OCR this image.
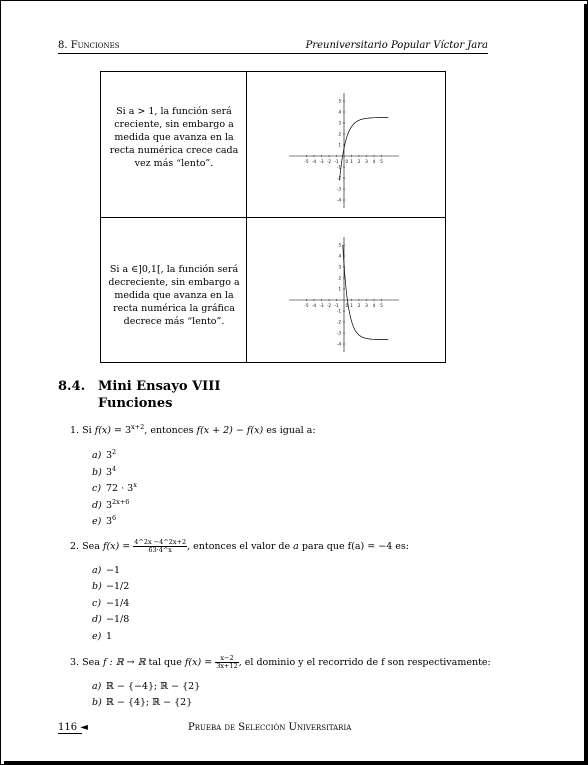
8. Funciones	Preuniversitario Popular Víctor Jara
Si a > 1, la función será creciente, sin embargo a medida que avanza en la recta numérica crece cada vez más “lento”.
Si a ∈]0,1[, la función será decreciente, sin embargo a medida que avanza en la recta numérica la gráfica decrece más “lento”.
-5 -4 -3 -2 -1	1 2 3 4 5
5
4
3
2
1
-1
-2
-3
-4
0
-5 -4 -3 -2 -1	1 2 3 4 5
5
4
3
2
1
-1
-2
-3
-4
0
8.4. Mini Ensayo VIII
Funciones
1. Si $f(x) = 3^{x+2}$, entonces f(x + 2) − f(x) es igual a:
a) $3^2$
b) $3^4$
c) $72 \cdot 3^x$
d) $3^{2x+6}$
e) $3^6$
2. Sea $f(x) = \frac{4\^{}2x -4\^{}2x+2}{63\cdot 4\^{}x}$ , entonces el valor de a para que f(a) = −4 es:
a) −1
b) −1/2
c) −1/4
d) −1/8
e) 1
3. Sea f : ℝ → ℝ tal que $f(x) = \frac{x-2}{3x+12}$ , el dominio y el recorrido de f son respectivamente:
a) ℝ − {−4}; ℝ − {2}
b) ℝ − {4}; ℝ − {2}
116 ◄	Prueba de Selección Universitaria
